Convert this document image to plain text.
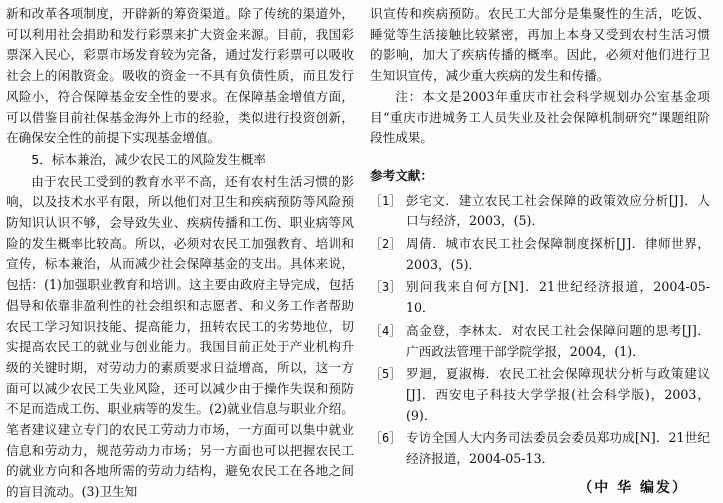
新和改革各项制度，开辟新的筹资渠道。除了传统的渠道外，可以利用社会捐助和发行彩票来扩大资金来源。目前，我国彩票深入民心，彩票市场发育较为完备，通过发行彩票可以吸收社会上的闲散资金。吸收的资金一不具有负债性质，而且发行风险小，符合保障基金安全性的要求。在保障基金增值方面，可以借鉴目前社保基金海外上市的经验，类似进行投资创新，在确保安全性的前提下实现基金增值。

5．标本兼治，减少农民工的风险发生概率

由于农民工受到的教育水平不高，还有农村生活习惯的影响，以及技术水平有限，所以他们对卫生和疾病预防等风险预防知识认识不够，会导致失业、疾病传播和工伤、职业病等风险的发生概率比较高。所以，必须对农民工加强教育、培训和宣传，标本兼治，从而减少社会保障基金的支出。具体来说，包括：(1)加强职业教育和培训。这主要由政府主导完成，包括倡导和依靠非盈利性的社会组织和志愿者、和义务工作者帮助农民工学习知识技能、提高能力，扭转农民工的劣势地位，切实提高农民工的就业与创业能力。我国目前正处于产业机构升级的关键时期，对劳动力的素质要求日益增高，所以，这一方面可以减少农民工失业风险，还可以减少由于操作失误和预防不足而造成工伤、职业病等的发生。(2)就业信息与职业介绍。笔者建议建立专门的农民工劳动力市场，一方面可以集中就业信息和劳动力，规范劳动力市场；另一方面也可以把握农民工的就业方向和各地所需的劳动力结构，避免农民工在各地之间的盲目流动。(3)卫生知

识宣传和疾病预防。农民工大部分是集聚性的生活，吃饭、睡觉等生活接触比较紧密，再加上本身又受到农村生活习惯的影响，加大了疾病传播的概率。因此，必须对他们进行卫生知识宣传，减少重大疾病的发生和传播。

注：本文是2003年重庆市社会科学规划办公室基金项目“重庆市进城务工人员失业及社会保障机制研究”课题组阶段性成果。

参考文献：
［1］ 彭宅文．建立农民工社会保障的政策效应分析[J]．人口与经济，2003，(5)．
［2］ 周倩．城市农民工社会保障制度探析[J]．律师世界，2003，(5)．
［3］ 别问我来自何方[N]．21世纪经济报道，2004-05-10．
［4］ 高金登，李林太．对农民工社会保障问题的思考[J]．广西政法管理干部学院学报，2004，(1)．
［5］ 罗迴，夏淑梅．农民工社会保障现状分析与政策建议[J]．西安电子科技大学学报(社会科学版)，2003，(9)．
［6］ 专访全国人大内务司法委员会委员郑功成[N]．21世纪经济报道，2004-05-13．
（中 华 编发）
